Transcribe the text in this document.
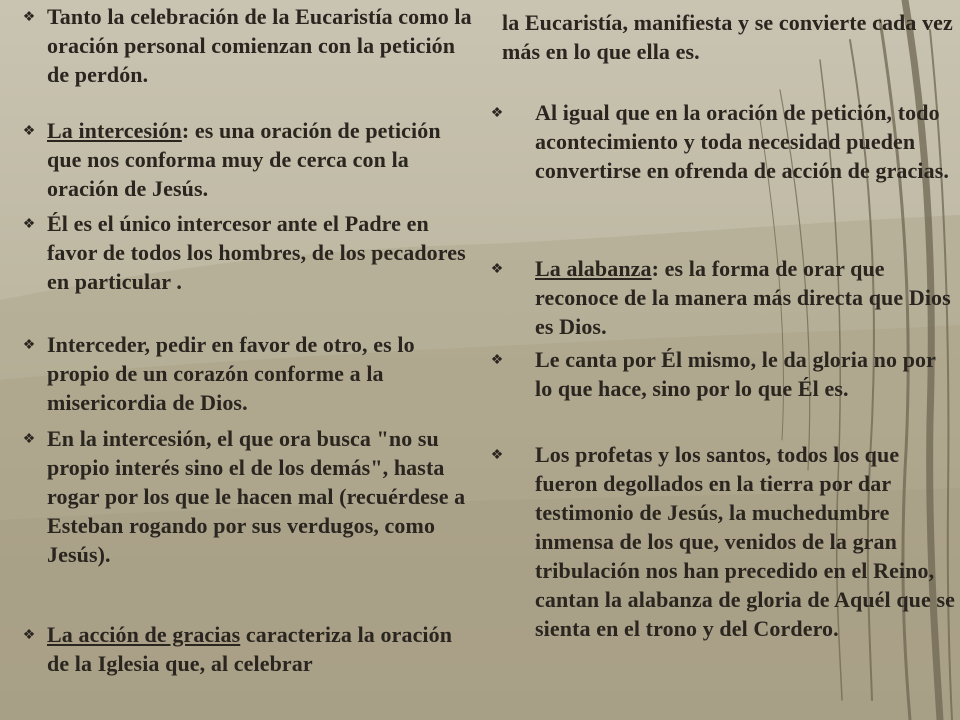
❖ Tanto la celebración de la Eucaristía como la oración personal comienzan con la petición de perdón.

❖ La intercesión: es una oración de petición que nos conforma muy de cerca con la oración de Jesús.

❖ Él es el único intercesor ante el Padre en favor de todos los hombres, de los pecadores en particular .

❖ Interceder, pedir en favor de otro, es lo propio de un corazón conforme a la misericordia de Dios.

❖ En la intercesión, el que ora busca "no su propio interés sino el de los demás", hasta rogar por los que le hacen mal (recuérdese a Esteban rogando por sus verdugos, como Jesús).

❖ La acción de gracias caracteriza la oración de la Iglesia que, al celebrar

la Eucaristía, manifiesta y se convierte cada vez más en lo que ella es.

❖ Al igual que en la oración de petición, todo acontecimiento y toda necesidad pueden convertirse en ofrenda de acción de gracias.

❖ La alabanza: es la forma de orar que reconoce de la manera más directa que Dios es Dios.

❖ Le canta por Él mismo, le da gloria no por lo que hace, sino por lo que Él es.

❖ Los profetas y los santos, todos los que fueron degollados en la tierra por dar testimonio de Jesús, la muchedumbre inmensa de los que, venidos de la gran tribulación nos han precedido en el Reino, cantan la alabanza de gloria de Aquél que se sienta en el trono y del Cordero.
